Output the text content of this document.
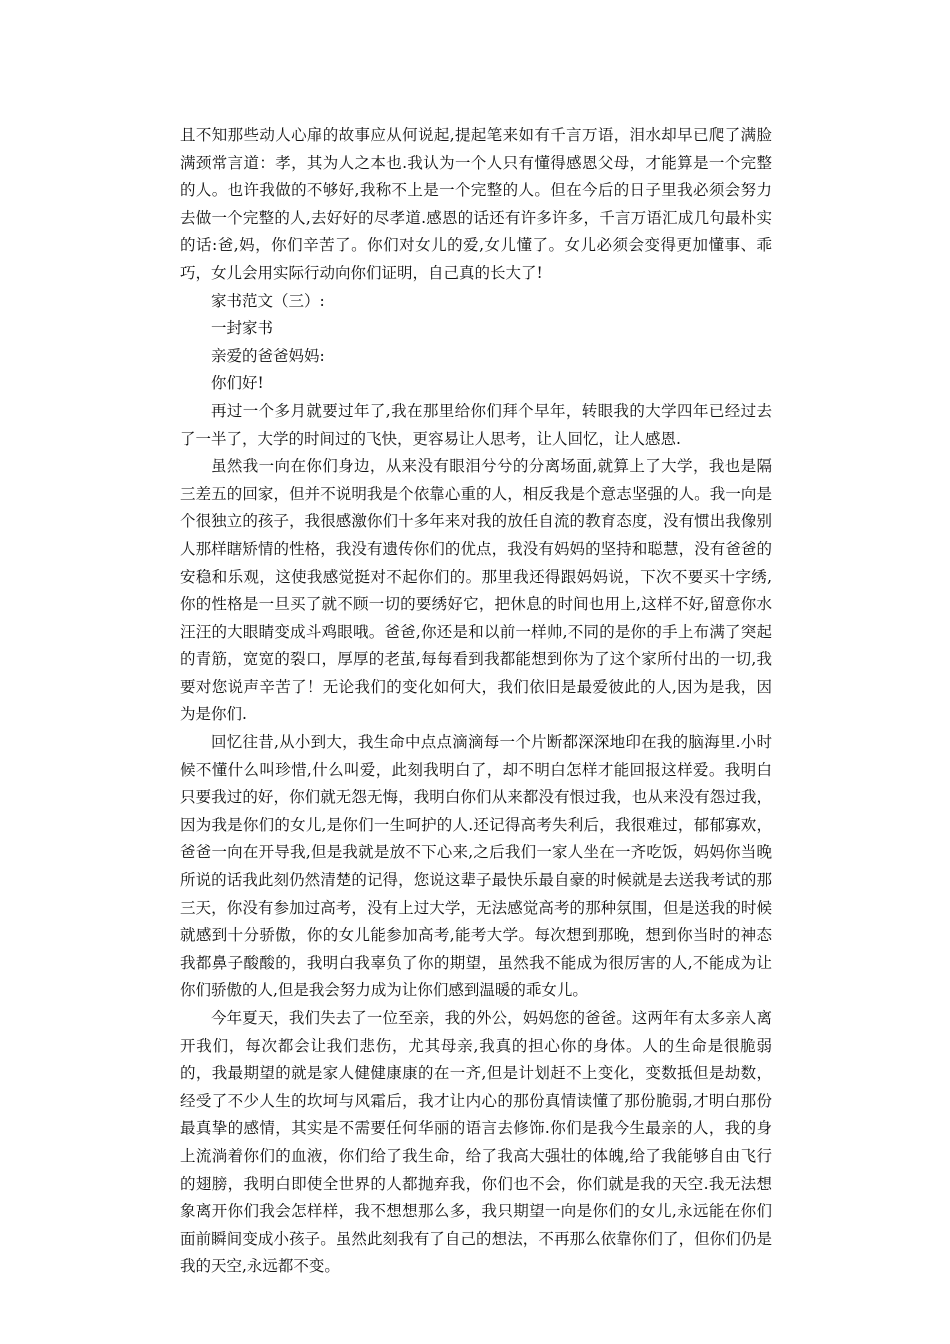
且不知那些动人心扉的故事应从何说起,提起笔来如有千言万语，泪水却早已爬了满脸满颈常言道：孝，其为人之本也.我认为一个人只有懂得感恩父母，才能算是一个完整的人。也许我做的不够好,我称不上是一个完整的人。但在今后的日子里我必须会努力去做一个完整的人,去好好的尽孝道.感恩的话还有许多许多，千言万语汇成几句最朴实的话:爸,妈，你们辛苦了。你们对女儿的爱,女儿懂了。女儿必须会变得更加懂事、乖巧，女儿会用实际行动向你们证明，自己真的长大了!

家书范文（三）:

一封家书

亲爱的爸爸妈妈:

你们好!

再过一个多月就要过年了,我在那里给你们拜个早年，转眼我的大学四年已经过去了一半了，大学的时间过的飞快，更容易让人思考，让人回忆，让人感恩.

虽然我一向在你们身边，从来没有眼泪兮兮的分离场面,就算上了大学，我也是隔三差五的回家，但并不说明我是个依靠心重的人，相反我是个意志坚强的人。我一向是个很独立的孩子，我很感激你们十多年来对我的放任自流的教育态度，没有惯出我像别人那样瞎矫情的性格，我没有遗传你们的优点，我没有妈妈的坚持和聪慧，没有爸爸的安稳和乐观，这使我感觉挺对不起你们的。那里我还得跟妈妈说，下次不要买十字绣,你的性格是一旦买了就不顾一切的要绣好它，把休息的时间也用上,这样不好,留意你水汪汪的大眼睛变成斗鸡眼哦。爸爸,你还是和以前一样帅,不同的是你的手上布满了突起的青筋，宽宽的裂口，厚厚的老茧,每每看到我都能想到你为了这个家所付出的一切,我要对您说声辛苦了！无论我们的变化如何大，我们依旧是最爱彼此的人,因为是我，因为是你们.

回忆往昔,从小到大，我生命中点点滴滴每一个片断都深深地印在我的脑海里.小时候不懂什么叫珍惜,什么叫爱，此刻我明白了，却不明白怎样才能回报这样爱。我明白只要我过的好，你们就无怨无悔，我明白你们从来都没有恨过我，也从来没有怨过我，因为我是你们的女儿,是你们一生呵护的人.还记得高考失利后，我很难过，郁郁寡欢，爸爸一向在开导我,但是我就是放不下心来,之后我们一家人坐在一齐吃饭，妈妈你当晚所说的话我此刻仍然清楚的记得，您说这辈子最快乐最自豪的时候就是去送我考试的那三天，你没有参加过高考，没有上过大学，无法感觉高考的那种氛围，但是送我的时候就感到十分骄傲，你的女儿能参加高考,能考大学。每次想到那晚，想到你当时的神态我都鼻子酸酸的，我明白我辜负了你的期望，虽然我不能成为很厉害的人,不能成为让你们骄傲的人,但是我会努力成为让你们感到温暖的乖女儿。

今年夏天，我们失去了一位至亲，我的外公，妈妈您的爸爸。这两年有太多亲人离开我们，每次都会让我们悲伤，尤其母亲,我真的担心你的身体。人的生命是很脆弱的，我最期望的就是家人健健康康的在一齐,但是计划赶不上变化，变数抵但是劫数，经受了不少人生的坎坷与风霜后，我才让内心的那份真情读懂了那份脆弱,才明白那份最真挚的感情，其实是不需要任何华丽的语言去修饰.你们是我今生最亲的人，我的身上流淌着你们的血液，你们给了我生命，给了我高大强壮的体魄,给了我能够自由飞行的翅膀，我明白即使全世界的人都抛弃我，你们也不会，你们就是我的天空.我无法想象离开你们我会怎样样，我不想想那么多，我只期望一向是你们的女儿,永远能在你们面前瞬间变成小孩子。虽然此刻我有了自己的想法，不再那么依靠你们了，但你们仍是我的天空,永远都不变。
